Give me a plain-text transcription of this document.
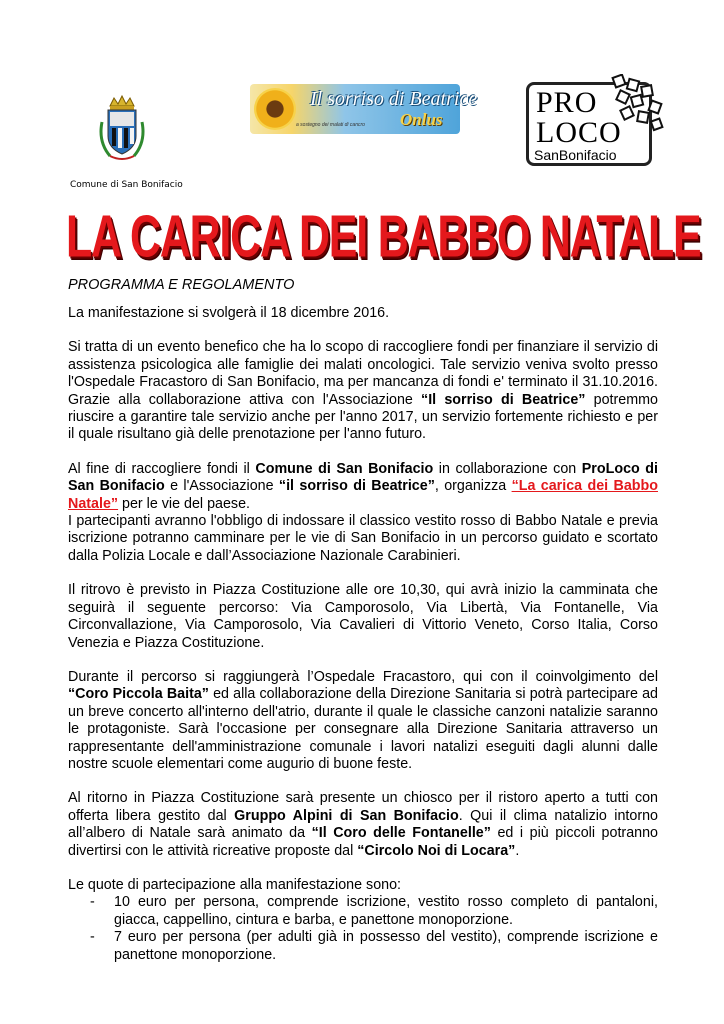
Comune di San Bonifacio
Il sorriso di Beatrice
Onlus
a sostegno dei malati di cancro
PRO
LOCO
SanBonifacio
LA CARICA DEI BABBO NATALE
PROGRAMMA E REGOLAMENTO

La manifestazione si svolgerà il 18 dicembre 2016.

Si tratta di un evento benefico che ha lo scopo di raccogliere fondi per finanziare il servizio di assistenza psicologica alle famiglie dei malati oncologici. Tale servizio veniva svolto presso l'Ospedale Fracastoro di San Bonifacio, ma per mancanza di fondi e' terminato il 31.10.2016. Grazie alla collaborazione attiva con l'Associazione “Il sorriso di Beatrice” potremmo riuscire a garantire tale servizio anche per l'anno 2017, un servizio fortemente richiesto e per il quale risultano già delle prenotazione per l'anno futuro.

Al fine di raccogliere fondi il Comune di San Bonifacio in collaborazione con ProLoco di San Bonifacio e l'Associazione “il sorriso di Beatrice”, organizza “La carica dei Babbo Natale” per le vie del paese.

I partecipanti avranno l'obbligo di indossare il classico vestito rosso di Babbo Natale e previa iscrizione potranno camminare per le vie di San Bonifacio in un percorso guidato e scortato dalla Polizia Locale e dall’Associazione Nazionale Carabinieri.

Il ritrovo è previsto in Piazza Costituzione alle ore 10,30, qui avrà inizio la camminata che seguirà il seguente percorso: Via Camporosolo, Via Libertà, Via Fontanelle, Via Circonvallazione, Via Camporosolo, Via Cavalieri di Vittorio Veneto, Corso Italia, Corso Venezia e Piazza Costituzione.

Durante il percorso si raggiungerà l’Ospedale Fracastoro, qui con il coinvolgimento del “Coro Piccola Baita” ed alla collaborazione della Direzione Sanitaria si potrà partecipare ad un breve concerto all'interno dell'atrio, durante il quale le classiche canzoni natalizie saranno le protagoniste. Sarà l'occasione per consegnare alla Direzione Sanitaria attraverso un rappresentante dell'amministrazione comunale i lavori natalizi eseguiti dagli alunni dalle nostre scuole elementari come augurio di buone feste.

Al ritorno in Piazza Costituzione sarà presente un chiosco per il ristoro aperto a tutti con offerta libera gestito dal Gruppo Alpini di San Bonifacio. Qui il clima natalizio intorno all’albero di Natale sarà animato da “Il Coro delle Fontanelle” ed i più piccoli potranno divertirsi con le attività ricreative proposte dal “Circolo Noi di Locara”.

Le quote di partecipazione alla manifestazione sono:

- 10 euro per persona, comprende iscrizione, vestito rosso completo di pantaloni, giacca, cappellino, cintura e barba, e panettone monoporzione.
- 7 euro per persona (per adulti già in possesso del vestito), comprende iscrizione e panettone monoporzione.
